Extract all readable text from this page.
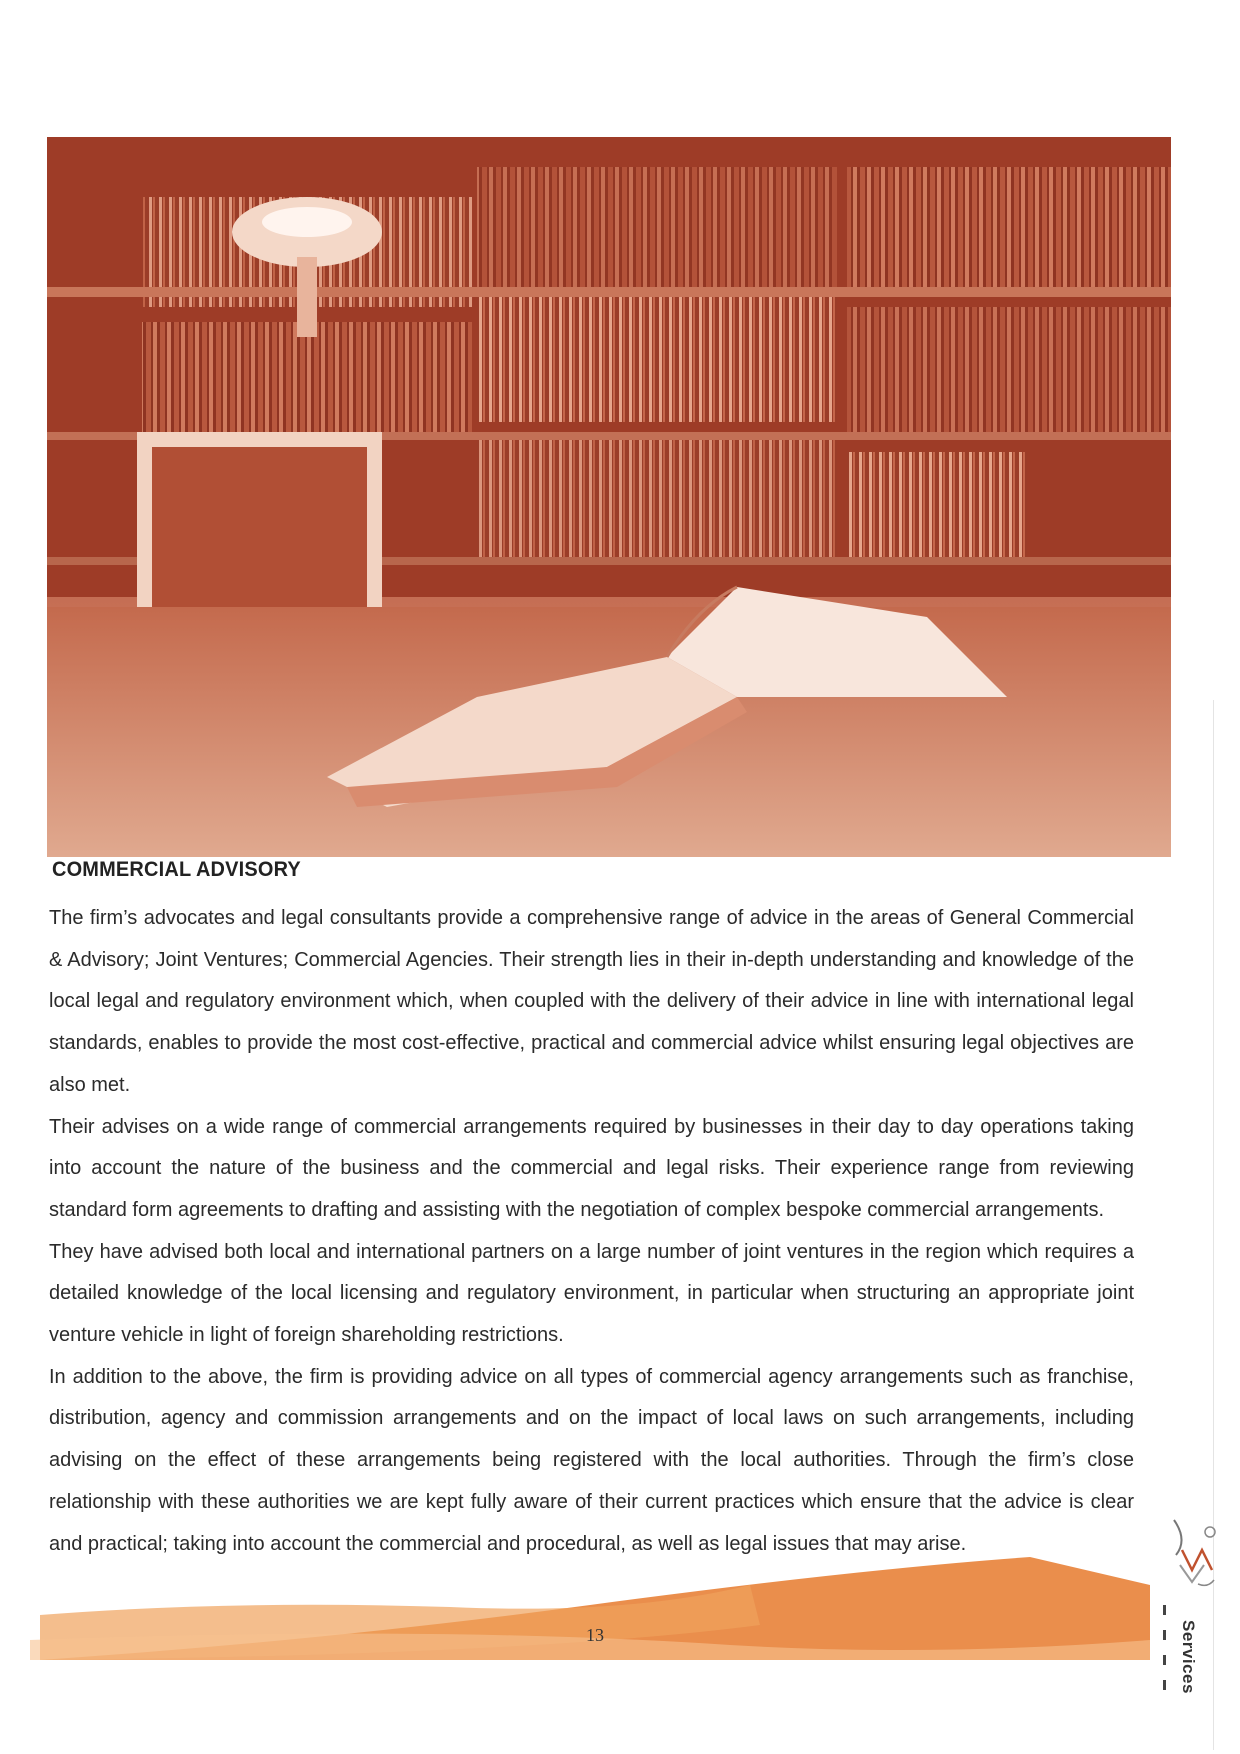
COMMERCIAL ADVISORY

The firm’s advocates and legal consultants provide a comprehensive range of advice in the areas of General Commercial & Advisory; Joint Ventures; Commercial Agencies. Their strength lies in their in-depth understanding and knowledge of the local legal and regulatory environment which, when coupled with the delivery of their advice in line with international legal standards, enables to provide the most cost-effective, practical and commercial advice whilst ensuring legal objectives are also met.

Their advises on a wide range of commercial arrangements required by businesses in their day to day operations taking into account the nature of the business and the commercial and legal risks. Their experience range from reviewing standard form agreements to drafting and assisting with the negotiation of complex bespoke commercial arrangements.

They have advised both local and international partners on a large number of joint ventures in the region which requires a detailed knowledge of the local licensing and regulatory environment, in particular when structuring an appropriate joint venture vehicle in light of foreign shareholding restrictions.

In addition to the above, the firm is providing advice on all types of commercial agency arrangements such as franchise, distribution, agency and commission arrangements and on the impact of local laws on such arrangements, including advising on the effect of these arrangements being registered with the local authorities. Through the firm’s close relationship with these authorities we are kept fully aware of their current practices which ensure that the advice is clear and practical; taking into account the commercial and procedural, as well as legal issues that may arise.

13	Services
